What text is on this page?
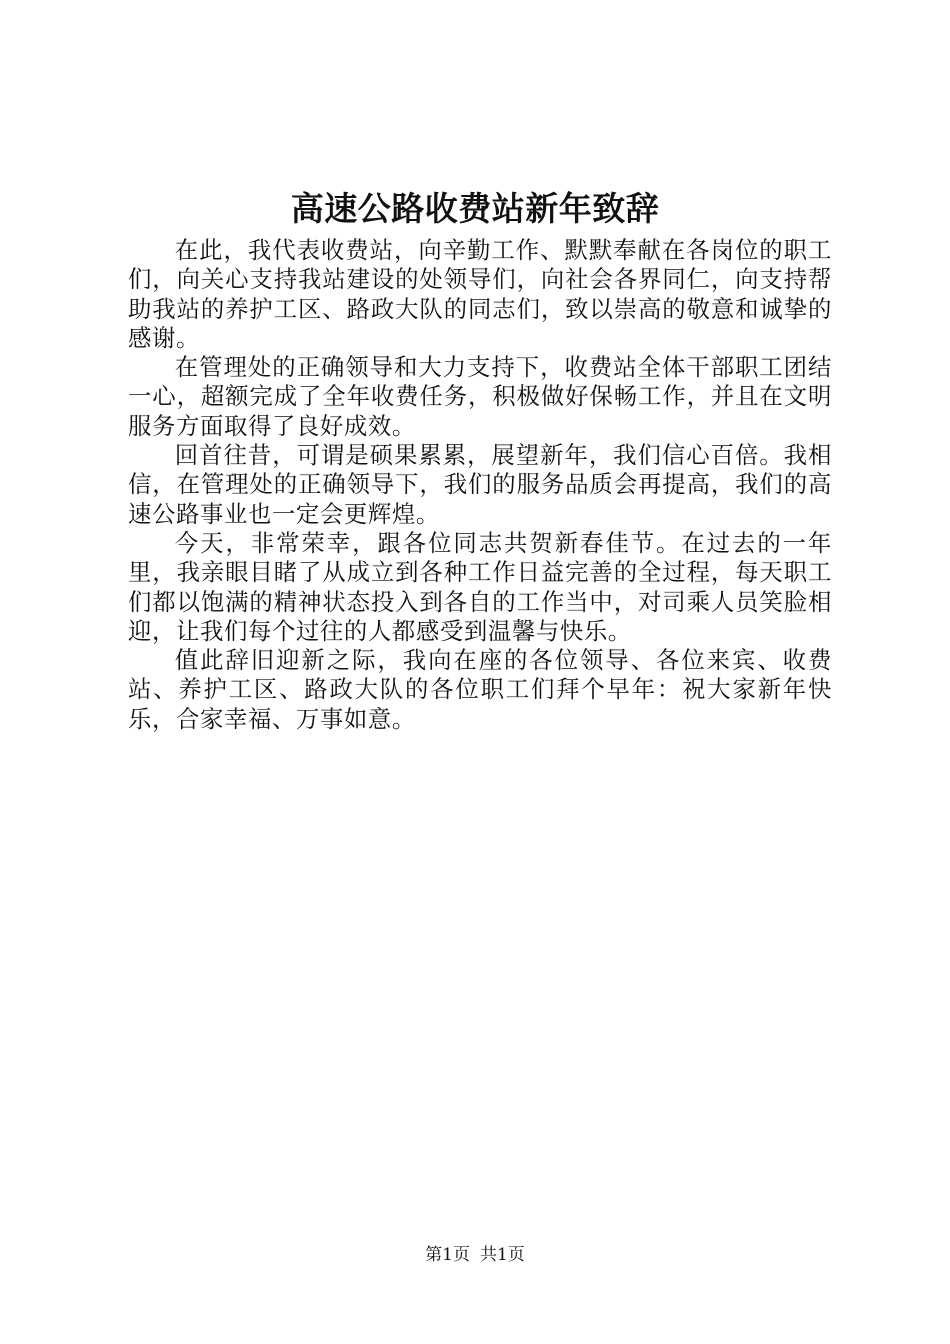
高速公路收费站新年致辞

在此，我代表收费站，向辛勤工作、默默奉献在各岗位的职工们，向关心支持我站建设的处领导们，向社会各界同仁，向支持帮助我站的养护工区、路政大队的同志们，致以崇高的敬意和诚挚的感谢。

在管理处的正确领导和大力支持下，收费站全体干部职工团结一心，超额完成了全年收费任务，积极做好保畅工作，并且在文明服务方面取得了良好成效。

回首往昔，可谓是硕果累累，展望新年，我们信心百倍。我相信，在管理处的正确领导下，我们的服务品质会再提高，我们的高速公路事业也一定会更辉煌。

今天，非常荣幸，跟各位同志共贺新春佳节。在过去的一年里，我亲眼目睹了从成立到各种工作日益完善的全过程，每天职工们都以饱满的精神状态投入到各自的工作当中，对司乘人员笑脸相迎，让我们每个过往的人都感受到温馨与快乐。

值此辞旧迎新之际，我向在座的各位领导、各位来宾、收费站、养护工区、路政大队的各位职工们拜个早年：祝大家新年快乐，合家幸福、万事如意。

第1页 共1页
